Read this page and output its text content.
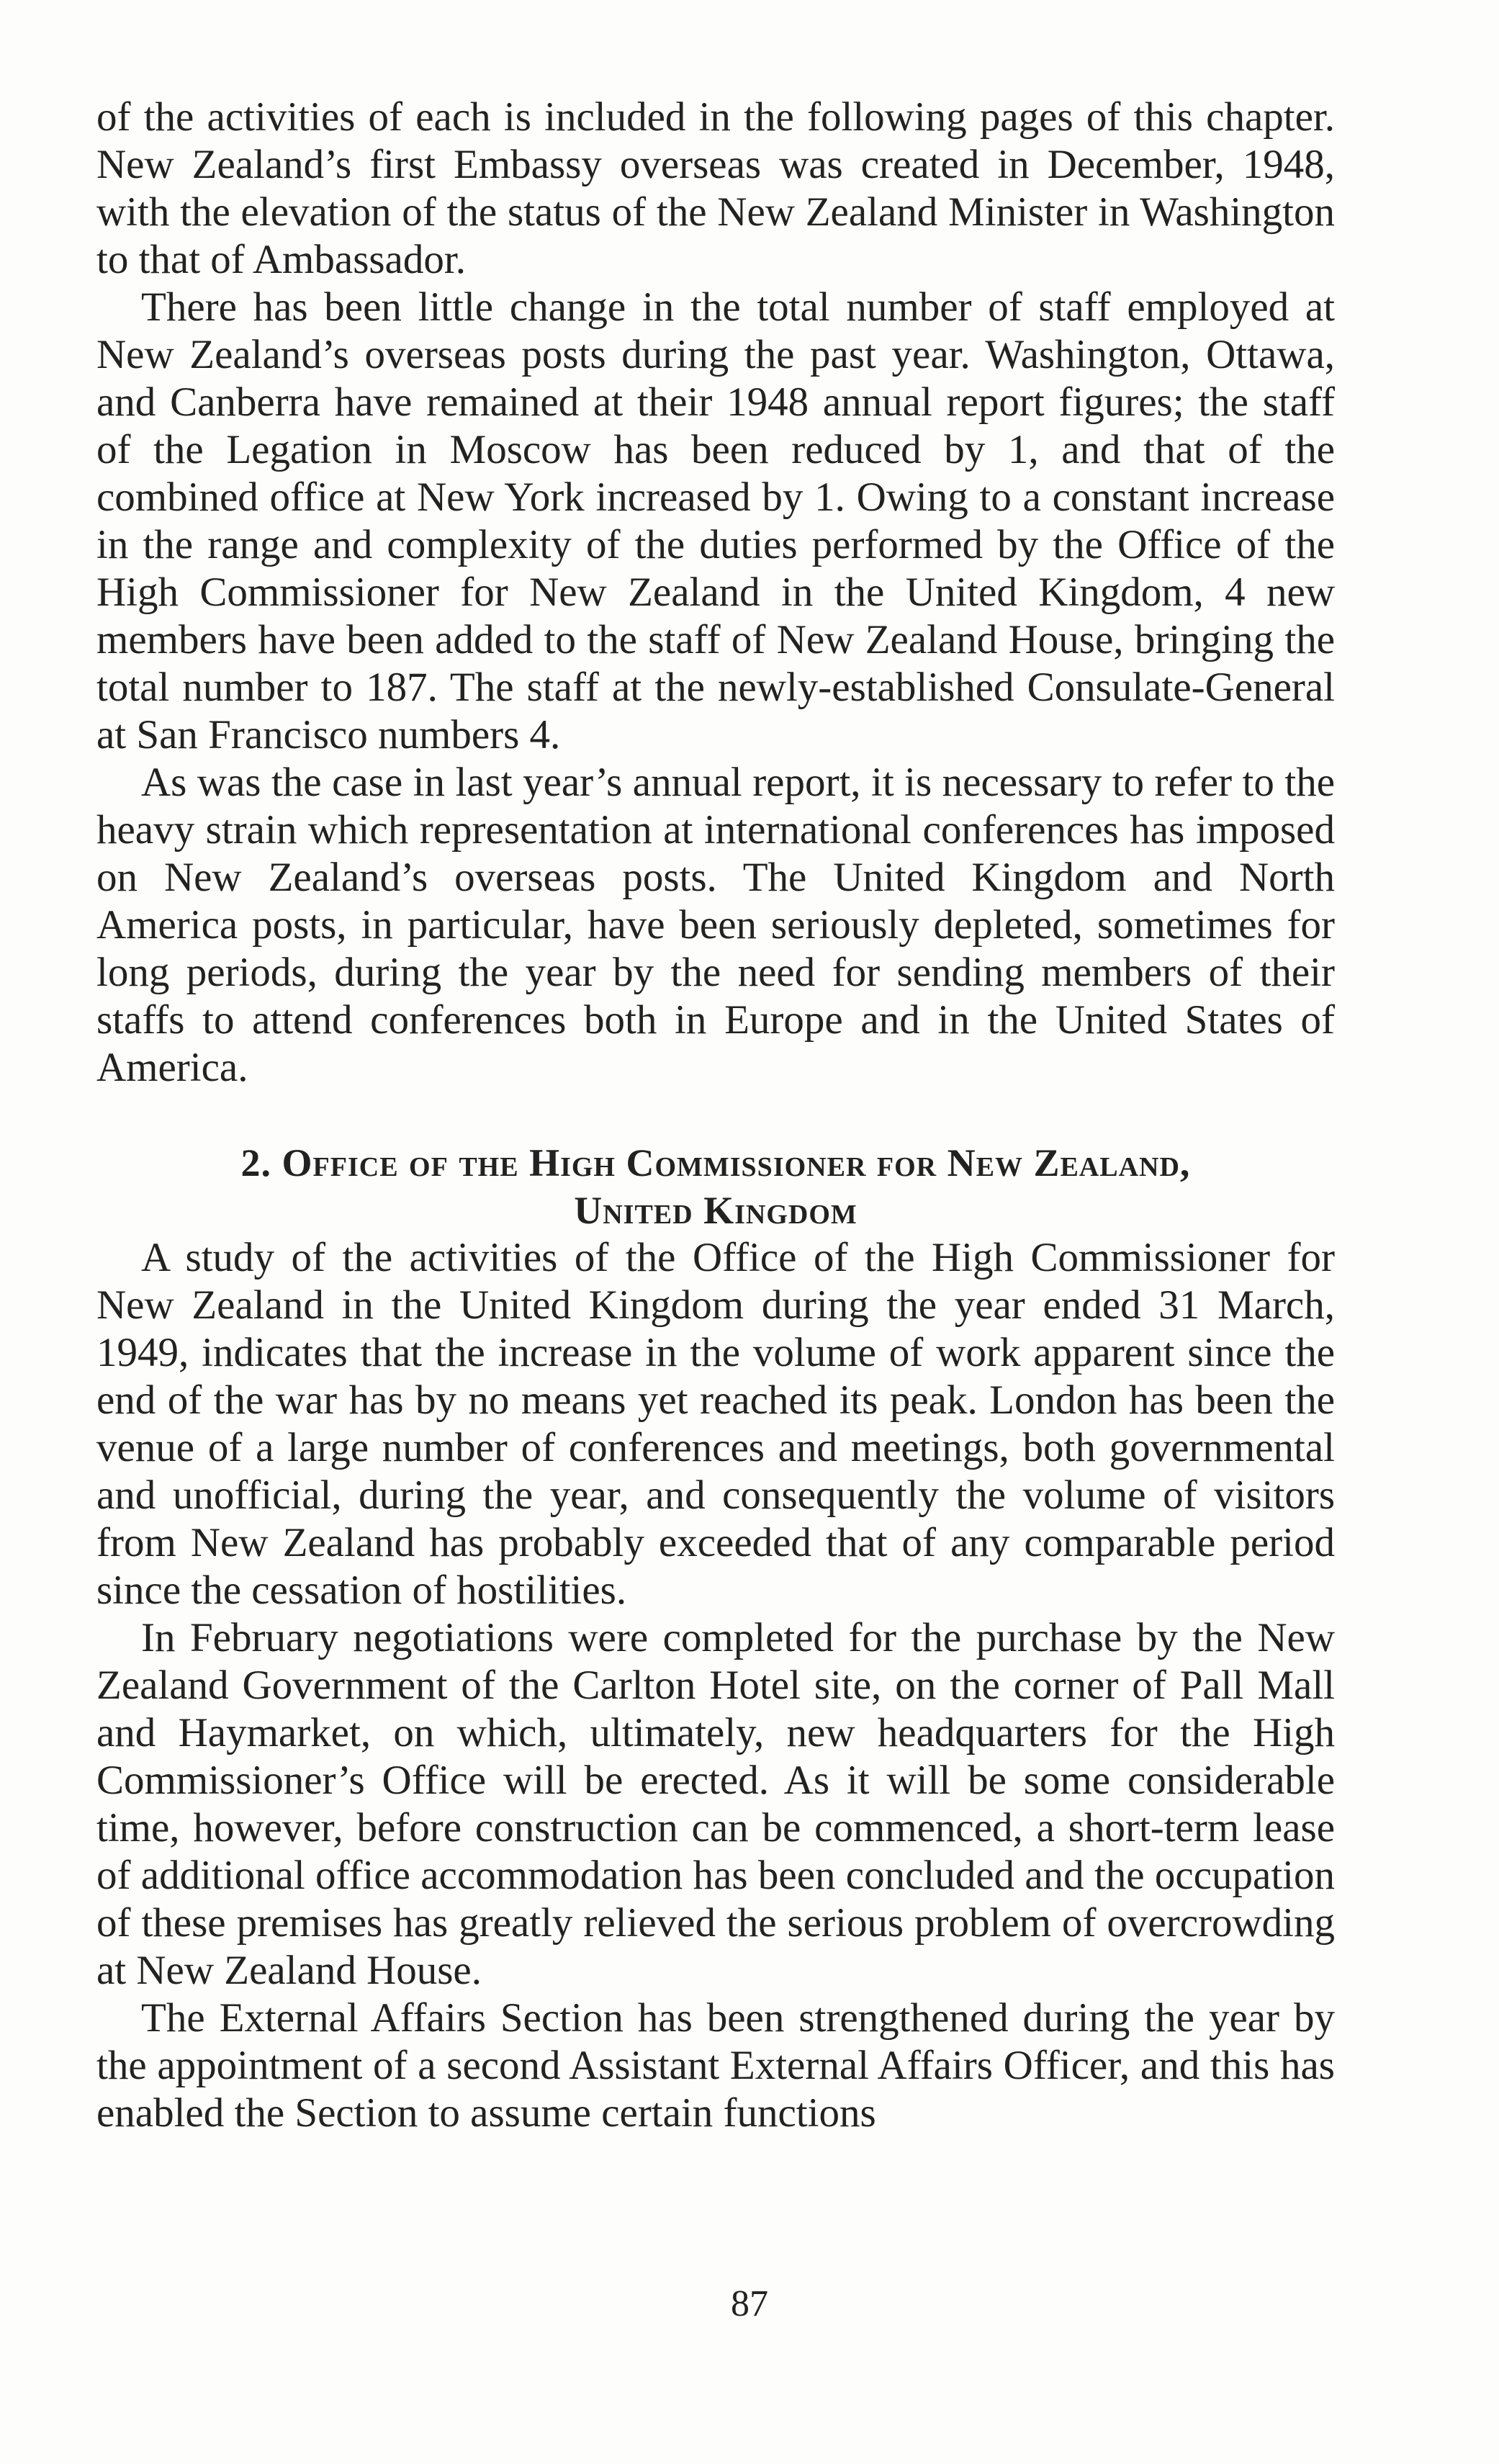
of the activities of each is included in the following pages of this chapter. New Zealand’s first Embassy overseas was created in December, 1948, with the elevation of the status of the New Zealand Minister in Washington to that of Ambassador.

There has been little change in the total number of staff employed at New Zealand’s overseas posts during the past year. Washington, Ottawa, and Canberra have remained at their 1948 annual report figures; the staff of the Legation in Moscow has been reduced by 1, and that of the combined office at New York increased by 1. Owing to a constant increase in the range and complexity of the duties performed by the Office of the High Commissioner for New Zealand in the United Kingdom, 4 new members have been added to the staff of New Zealand House, bringing the total number to 187. The staff at the newly-established Consulate-General at San Francisco numbers 4.

As was the case in last year’s annual report, it is necessary to refer to the heavy strain which representation at international conferences has imposed on New Zealand’s overseas posts. The United Kingdom and North America posts, in particular, have been seriously depleted, sometimes for long periods, during the year by the need for sending members of their staffs to attend conferences both in Europe and in the United States of America.

2. Office of the High Commissioner for New Zealand,
United Kingdom

A study of the activities of the Office of the High Commissioner for New Zealand in the United Kingdom during the year ended 31 March, 1949, indicates that the increase in the volume of work apparent since the end of the war has by no means yet reached its peak. London has been the venue of a large number of conferences and meetings, both governmental and unofficial, during the year, and consequently the volume of visitors from New Zealand has probably exceeded that of any comparable period since the cessation of hostilities.

In February negotiations were completed for the purchase by the New Zealand Government of the Carlton Hotel site, on the corner of Pall Mall and Haymarket, on which, ultimately, new headquarters for the High Commissioner’s Office will be erected. As it will be some considerable time, however, before construction can be commenced, a short-term lease of additional office accommodation has been concluded and the occupation of these premises has greatly relieved the serious problem of overcrowding at New Zealand House.

The External Affairs Section has been strengthened during the year by the appointment of a second Assistant External Affairs Officer, and this has enabled the Section to assume certain functions

87
